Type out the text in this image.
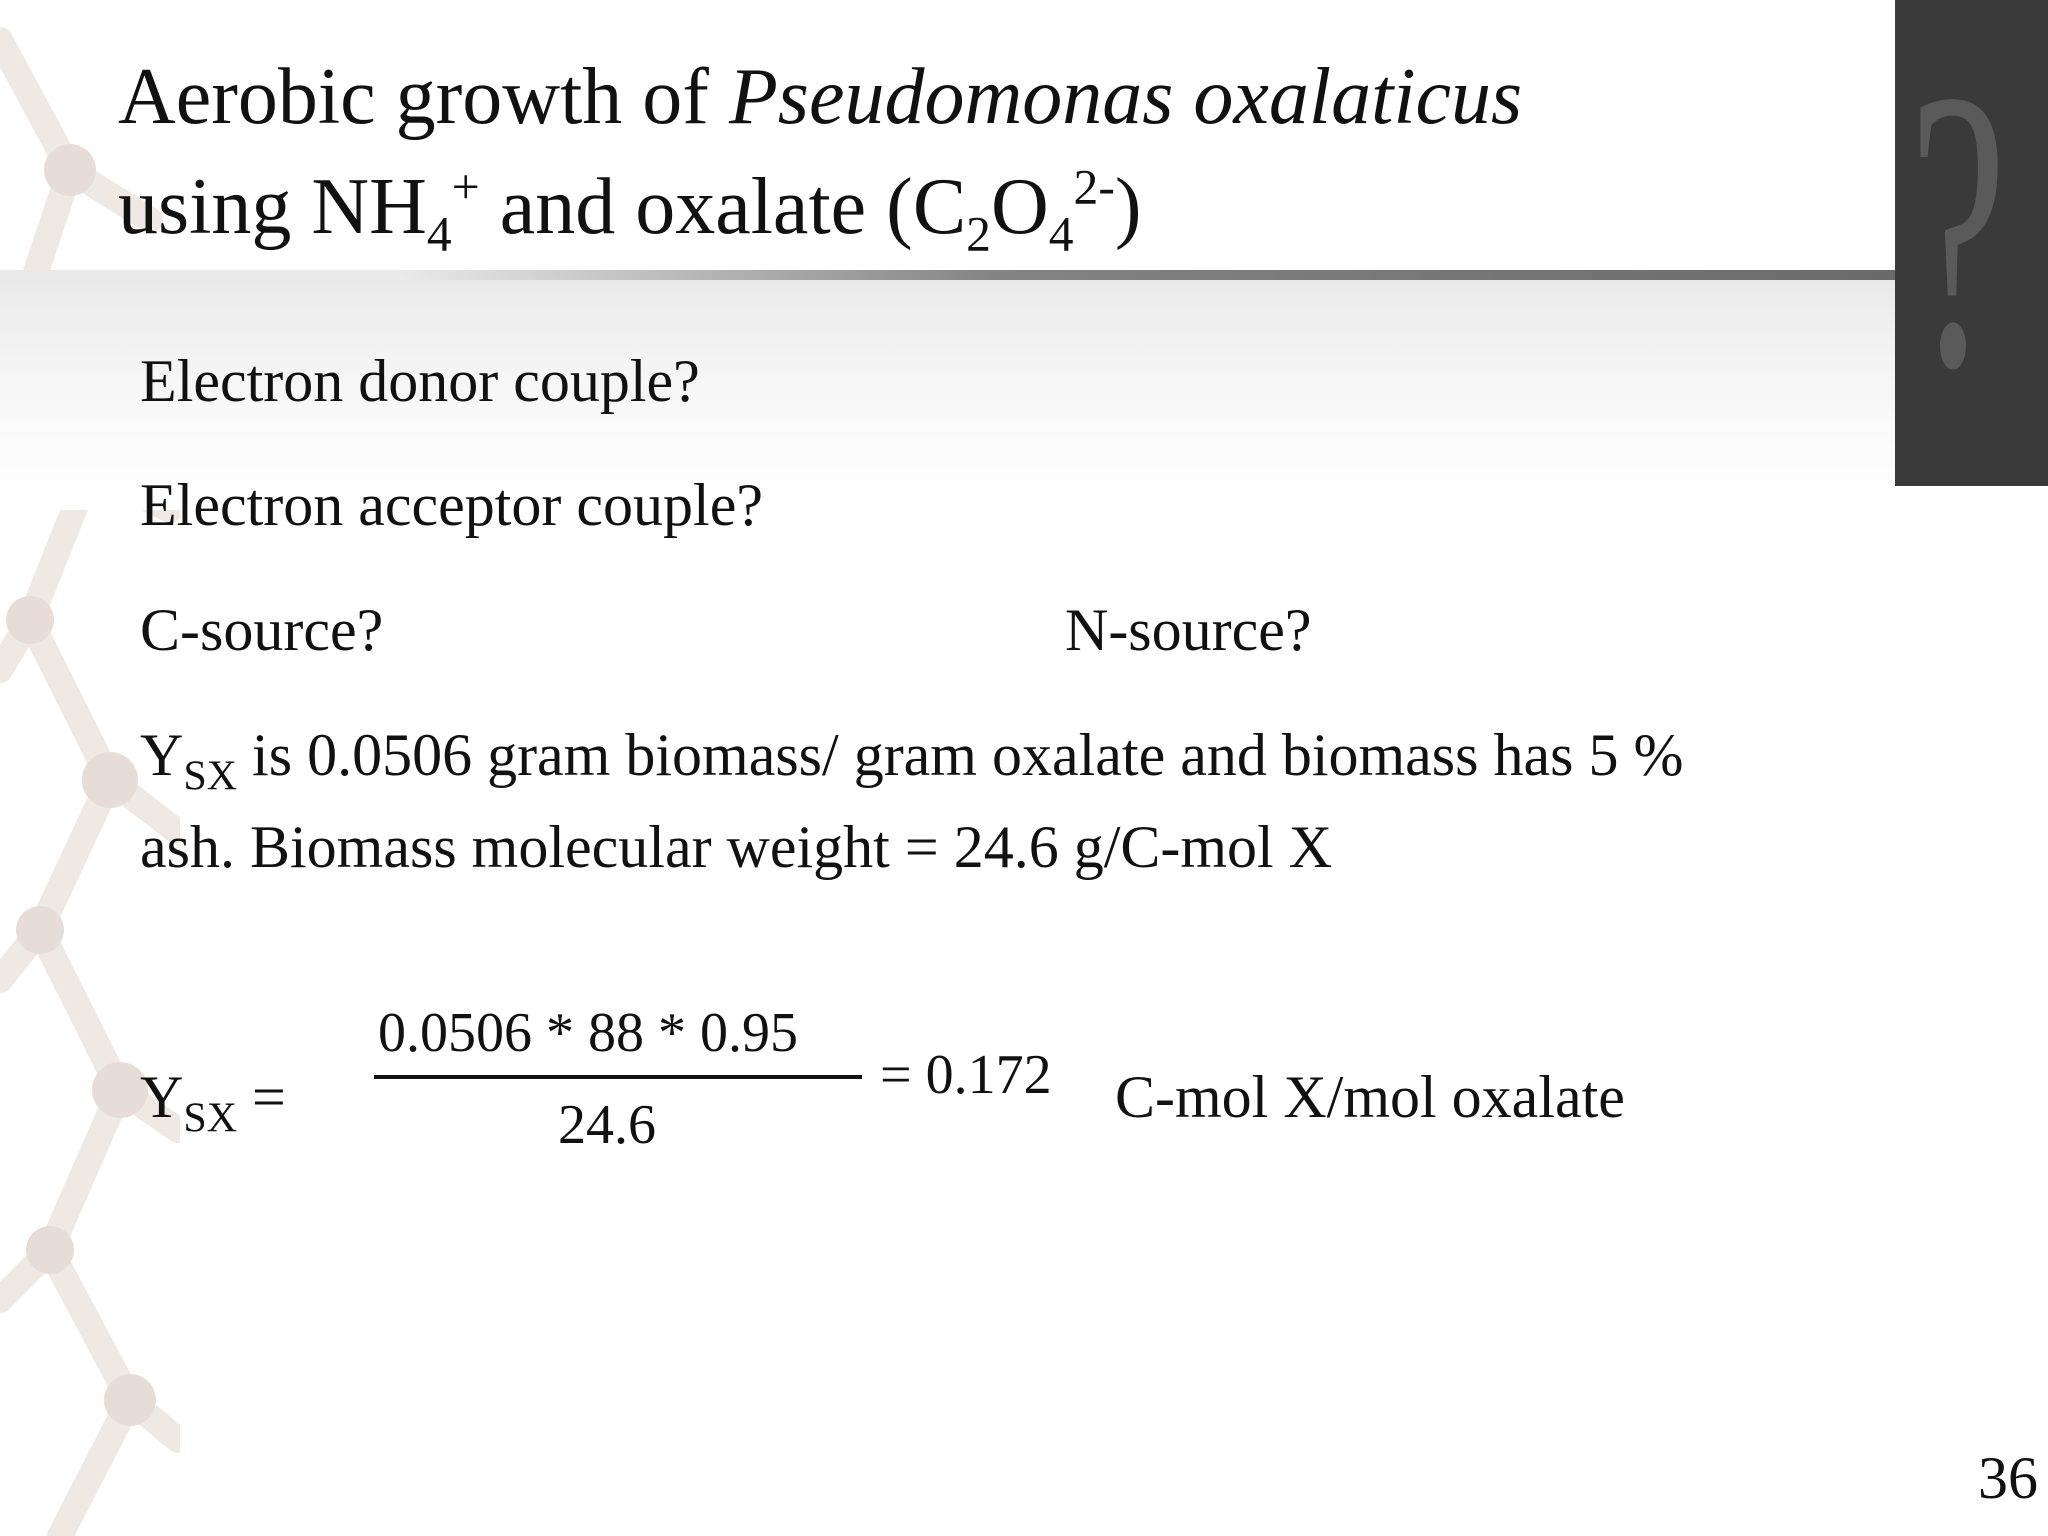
?
Aerobic growth of Pseudomonas oxalaticus
using $NH_4^+$ and oxalate $(C_2O_4^{2-})$
Electron donor couple?
Electron acceptor couple?
C-source?	N-source?
$Y_{SX}$ is 0.0506 gram biomass/ gram oxalate and biomass has 5 %
ash. Biomass molecular weight = 24.6 g/C-mol X
$Y_{SX}$ =
0.0506 * 88 * 0.95
24.6
= 0.172 C-mol X/mol oxalate
36
